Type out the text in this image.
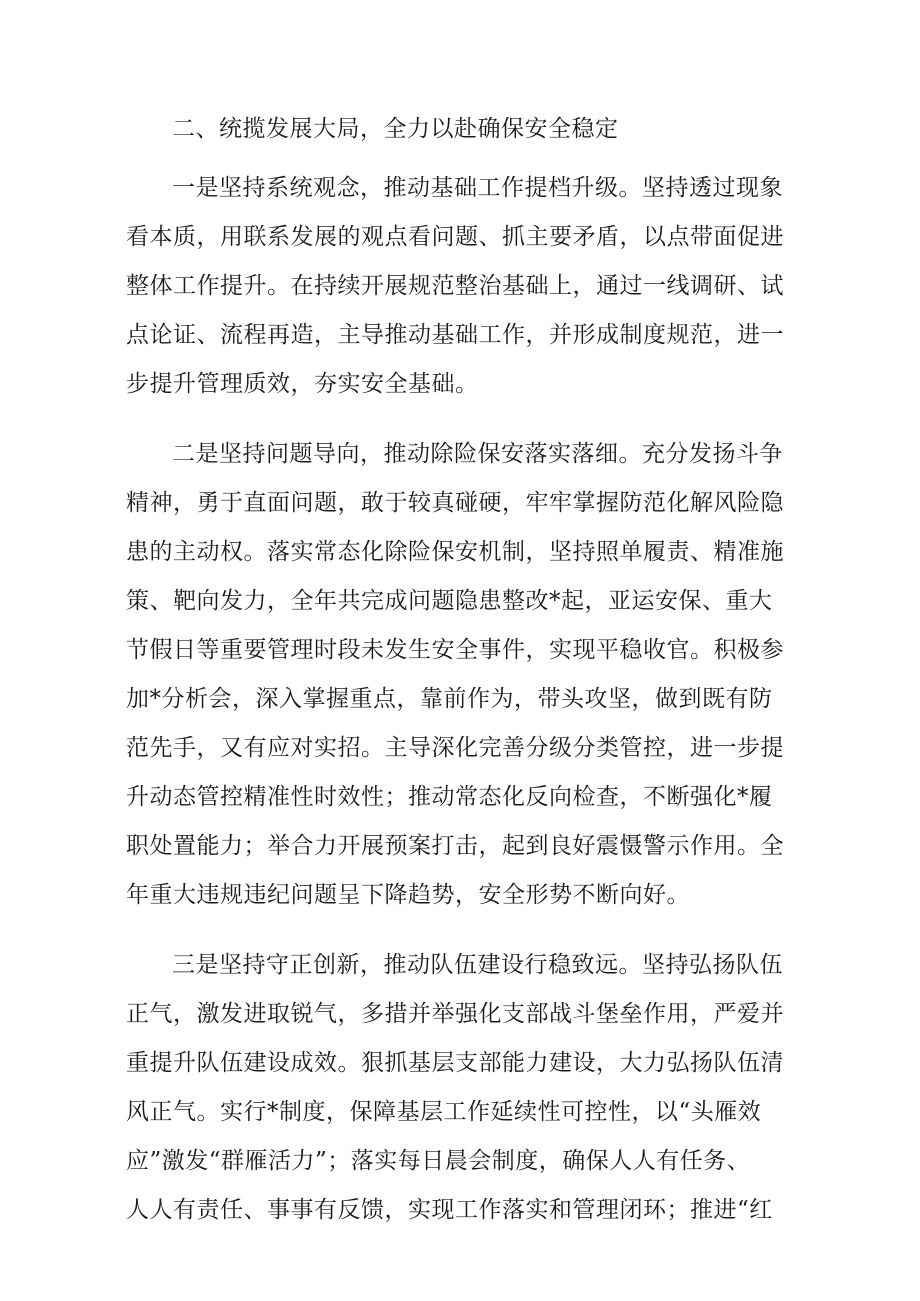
二、统揽发展大局，全力以赴确保安全稳定
一是坚持系统观念，推动基础工作提档升级。坚持透过现象
看本质，用联系发展的观点看问题、抓主要矛盾，以点带面促进
整体工作提升。在持续开展规范整治基础上，通过一线调研、试
点论证、流程再造，主导推动基础工作，并形成制度规范，进一
步提升管理质效，夯实安全基础。
二是坚持问题导向，推动除险保安落实落细。充分发扬斗争
精神，勇于直面问题，敢于较真碰硬，牢牢掌握防范化解风险隐
患的主动权。落实常态化除险保安机制，坚持照单履责、精准施
策、靶向发力，全年共完成问题隐患整改*起，亚运安保、重大
节假日等重要管理时段未发生安全事件，实现平稳收官。积极参
加*分析会，深入掌握重点，靠前作为，带头攻坚，做到既有防
范先手，又有应对实招。主导深化完善分级分类管控，进一步提
升动态管控精准性时效性；推动常态化反向检查，不断强化*履
职处置能力；举合力开展预案打击，起到良好震慑警示作用。全
年重大违规违纪问题呈下降趋势，安全形势不断向好。
三是坚持守正创新，推动队伍建设行稳致远。坚持弘扬队伍
正气，激发进取锐气，多措并举强化支部战斗堡垒作用，严爱并
重提升队伍建设成效。狠抓基层支部能力建设，大力弘扬队伍清
风正气。实行*制度，保障基层工作延续性可控性，以“头雁效
应”激发“群雁活力”；落实每日晨会制度，确保人人有任务、
人人有责任、事事有反馈，实现工作落实和管理闭环；推进“红
